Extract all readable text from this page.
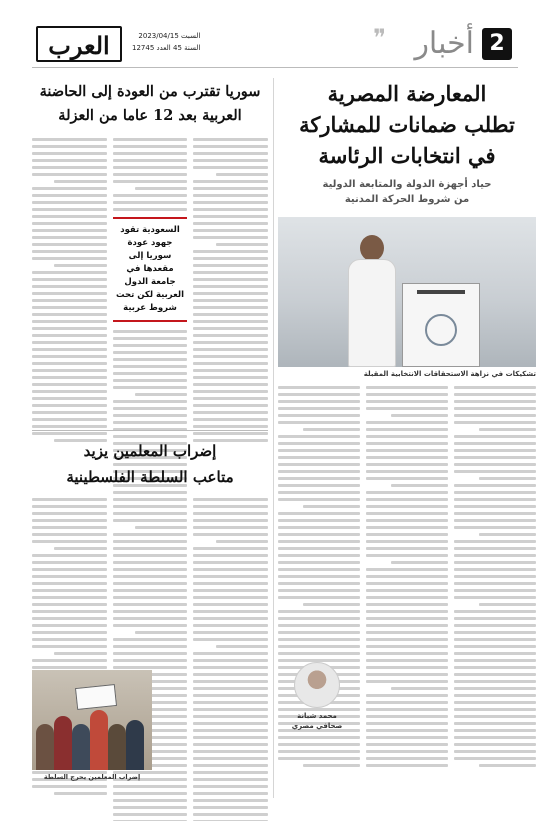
2
أخبار
❞
العرب	السبت 2023/04/15
السنة 45 العدد 12745
المعارضة المصرية
تطلب ضمانات للمشاركة
في انتخابات الرئاسة
حياد أجهزة الدولة والمتابعة الدولية
من شروط الحركة المدنية
تشكيكات في نزاهة الاستحقاقات الانتخابية المقبلة
محمد شبانة
صحافي مصري
سوريا تقترب من العودة إلى الحاضنة
العربية بعد 12 عاما من العزلة
السعودية تقود جهود عودة سوريا إلى مقعدها في جامعة الدول العربية لكن تحت شروط عربية
إضراب المعلمين يزيد
متاعب السلطة الفلسطينية
إضراب المعلمين يحرج السلطة
